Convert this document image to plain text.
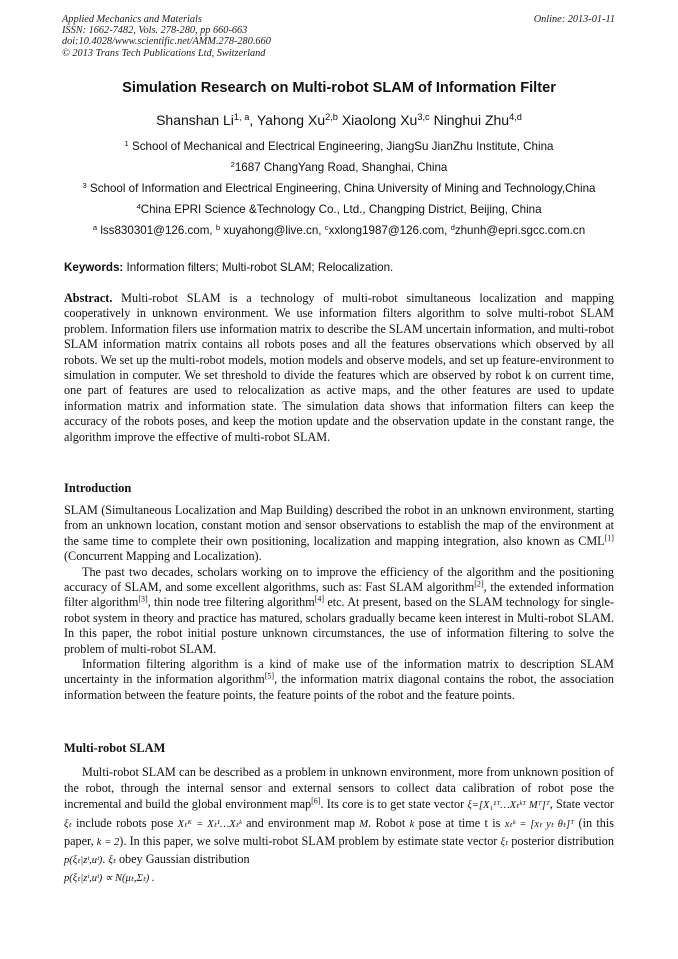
Applied Mechanics and Materials
ISSN: 1662-7482, Vols. 278-280, pp 660-663
doi:10.4028/www.scientific.net/AMM.278-280.660
© 2013 Trans Tech Publications Ltd, Switzerland
Online: 2013-01-11
Simulation Research on Multi-robot SLAM of Information Filter
Shanshan Li$^{1, a}$, Yahong Xu$^{2,b}$ Xiaolong Xu$^{3,c}$ Ninghui Zhu$^{4,d}$
$^1$ School of Mechanical and Electrical Engineering, JiangSu JianZhu Institute, China
$^2$1687 ChangYang Road, Shanghai, China
$^3$ School of Information and Electrical Engineering, China University of Mining and Technology,China
$^4$China EPRI Science &Technology Co., Ltd., Changping District, Beijing, China
$^a$ lss830301@126.com, $^b$ xuyahong@live.cn, $^c$xxlong1987@126.com, $^d$zhunh@epri.sgcc.com.cn
Keywords: Information filters; Multi-robot SLAM; Relocalization.

Abstract. Multi-robot SLAM is a technology of multi-robot simultaneous localization and mapping cooperatively in unknown environment. We use information filters algorithm to solve multi-robot SLAM problem. Information filers use information matrix to describe the SLAM uncertain information, and multi-robot SLAM information matrix contains all robots poses and all the features observations which observed by all robots. We set up the multi-robot models, motion models and observe models, and set up feature-environment to simulation in computer. We set threshold to divide the features which are observed by robot k on current time, one part of features are used to relocalization as active maps, and the other features are used to update information matrix and information state. The simulation data shows that information filters can keep the accuracy of the robots poses, and keep the motion update and the observation update in the constant range, the algorithm improve the effective of multi-robot SLAM.

Introduction

SLAM (Simultaneous Localization and Map Building) described the robot in an unknown environment, starting from an unknown location, constant motion and sensor observations to establish the map of the environment at the same time to complete their own positioning, localization and mapping integration, also known as CML[1] (Concurrent Mapping and Localization).

The past two decades, scholars working on to improve the efficiency of the algorithm and the positioning accuracy of SLAM, and some excellent algorithms, such as: Fast SLAM algorithm[2], the extended information filter algorithm[3], thin node tree filtering algorithm[4] etc. At present, based on the SLAM technology for single-robot system in theory and practice has matured, scholars gradually became keen interest in Multi-robot SLAM. In this paper, the robot initial posture unknown circumstances, the use of information filtering to solve the problem of multi-robot SLAM.

Information filtering algorithm is a kind of make use of the information matrix to description SLAM uncertainty in the information algorithm[5], the information matrix diagonal contains the robot, the association information between the feature points, the feature points of the robot and the feature points.

Multi-robot SLAM

Multi-robot SLAM can be described as a problem in unknown environment, more from unknown position of the robot, through the internal sensor and external sensors to collect data calibration of robot pose the incremental and build the global environment map[6]. Its core is to get state vector ξ=[X₁¹ᵀ…Xₜᵏᵀ Mᵀ]ᵀ, State vector ξₜ include robots pose Xₜᴷ = Xₜ¹…Xₜᵏ and environment map M. Robot k pose at time t is xₜᵏ = [xₜ yₜ θₜ]ᵀ (in this paper, k = 2). In this paper, we solve multi-robot SLAM problem by estimate state vector ξₜ posterior distribution p(ξₜ|zᵗ,uᵗ). ξₜ obey Gaussian distribution

p(ξₜ|zᵗ,uᵗ) ∝ N(μₜ,Σₜ) .
